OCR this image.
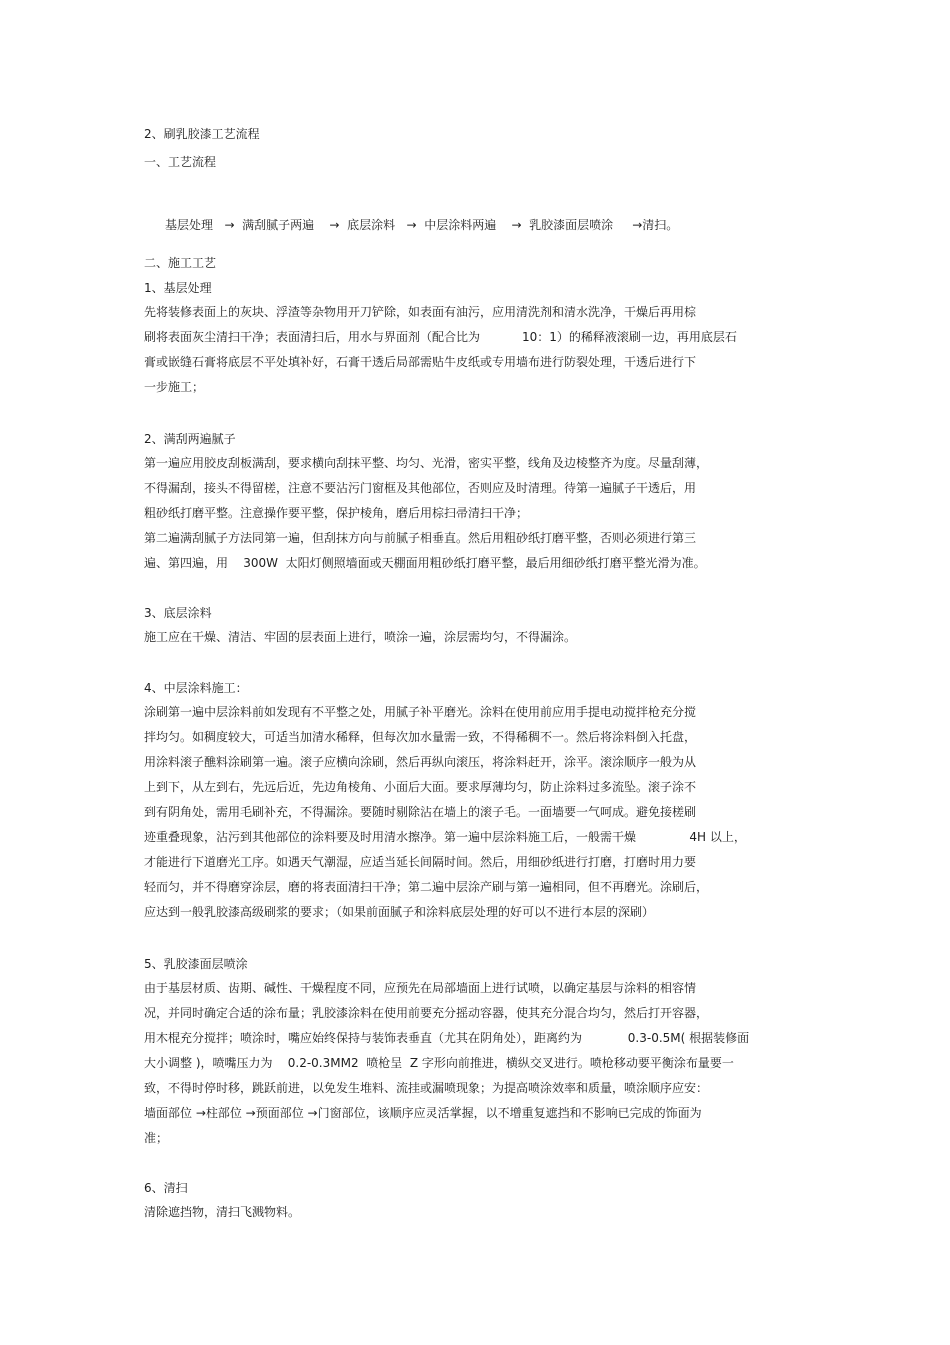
2、刷乳胶漆工艺流程

一、工艺流程

基层处理   →  满刮腻子两遍    →  底层涂料   →  中层涂料两遍    →  乳胶漆面层喷涂     →清扫。

二、施工工艺

1、基层处理

先将装修表面上的灰块、浮渣等杂物用开刀铲除，如表面有油污，应用清洗剂和清水洗净，干燥后再用棕

刷将表面灰尘清扫干净；表面清扫后，用水与界面剂（配合比为           10：1）的稀释液滚刷一边，再用底层石

膏或嵌缝石膏将底层不平处填补好，石膏干透后局部需贴牛皮纸或专用墙布进行防裂处理，干透后进行下

一步施工；

2、满刮两遍腻子

第一遍应用胶皮刮板满刮，要求横向刮抹平整、均匀、光滑，密实平整，线角及边棱整齐为度。尽量刮薄，

不得漏刮，接头不得留槎，注意不要沾污门窗框及其他部位，否则应及时清理。待第一遍腻子干透后，用

粗砂纸打磨平整。注意操作要平整，保护棱角，磨后用棕扫帚清扫干净；

第二遍满刮腻子方法同第一遍，但刮抹方向与前腻子相垂直。然后用粗砂纸打磨平整，否则必须进行第三

遍、第四遍，用    300W  太阳灯侧照墙面或天棚面用粗砂纸打磨平整，最后用细砂纸打磨平整光滑为准。

3、底层涂料

施工应在干燥、清洁、牢固的层表面上进行，喷涂一遍，涂层需均匀，不得漏涂。

4、中层涂料施工：

涂刷第一遍中层涂料前如发现有不平整之处，用腻子补平磨光。涂料在使用前应用手提电动搅拌枪充分搅

拌均匀。如稠度较大，可适当加清水稀释，但每次加水量需一致，不得稀稠不一。然后将涂料倒入托盘，

用涂料滚子醮料涂刷第一遍。滚子应横向涂刷，然后再纵向滚压，将涂料赶开，涂平。滚涂顺序一般为从

上到下，从左到右，先远后近，先边角棱角、小面后大面。要求厚薄均匀，防止涂料过多流坠。滚子涂不

到有阴角处，需用毛刷补充，不得漏涂。要随时剔除沾在墙上的滚子毛。一面墙要一气呵成。避免接槎刷

迹重叠现象，沾污到其他部位的涂料要及时用清水擦净。第一遍中层涂料施工后，一般需干燥              4H 以上，

才能进行下道磨光工序。如遇天气潮湿，应适当延长间隔时间。然后，用细砂纸进行打磨，打磨时用力要

轻而匀，并不得磨穿涂层，磨的将表面清扫干净；第二遍中层涂产刷与第一遍相同，但不再磨光。涂刷后，

应达到一般乳胶漆高级刷浆的要求；（如果前面腻子和涂料底层处理的好可以不进行本层的深刷）

5、乳胶漆面层喷涂

由于基层材质、齿期、碱性、干燥程度不同，应预先在局部墙面上进行试喷，以确定基层与涂料的相容情

况，并同时确定合适的涂布量；乳胶漆涂料在使用前要充分摇动容器，使其充分混合均匀，然后打开容器，

用木棍充分搅拌；喷涂时，嘴应始终保持与装饰表垂直（尤其在阴角处），距离约为            0.3-0.5M( 根据装修面

大小调整 )，喷嘴压力为    0.2-0.3MM2  喷枪呈  Z 字形向前推进，横纵交叉进行。喷枪移动要平衡涂布量要一

致，不得时停时移，跳跃前进，以免发生堆料、流挂或漏喷现象；为提高喷涂效率和质量，喷涂顺序应安：

墙面部位 →柱部位 →预面部位 →门窗部位，该顺序应灵活掌握，以不增重复遮挡和不影响已完成的饰面为

准；

6、清扫

清除遮挡物，清扫飞溅物料。
